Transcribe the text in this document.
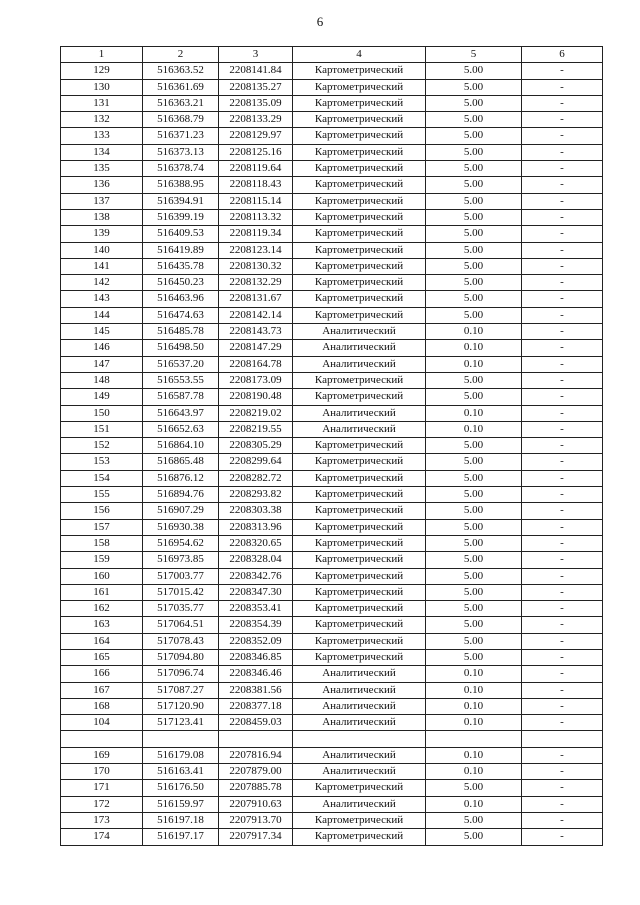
6
1	2	3	4	5	6
129	516363.52	2208141.84	Картометрический	5.00	-
130	516361.69	2208135.27	Картометрический	5.00	-
131	516363.21	2208135.09	Картометрический	5.00	-
132	516368.79	2208133.29	Картометрический	5.00	-
133	516371.23	2208129.97	Картометрический	5.00	-
134	516373.13	2208125.16	Картометрический	5.00	-
135	516378.74	2208119.64	Картометрический	5.00	-
136	516388.95	2208118.43	Картометрический	5.00	-
137	516394.91	2208115.14	Картометрический	5.00	-
138	516399.19	2208113.32	Картометрический	5.00	-
139	516409.53	2208119.34	Картометрический	5.00	-
140	516419.89	2208123.14	Картометрический	5.00	-
141	516435.78	2208130.32	Картометрический	5.00	-
142	516450.23	2208132.29	Картометрический	5.00	-
143	516463.96	2208131.67	Картометрический	5.00	-
144	516474.63	2208142.14	Картометрический	5.00	-
145	516485.78	2208143.73	Аналитический	0.10	-
146	516498.50	2208147.29	Аналитический	0.10	-
147	516537.20	2208164.78	Аналитический	0.10	-
148	516553.55	2208173.09	Картометрический	5.00	-
149	516587.78	2208190.48	Картометрический	5.00	-
150	516643.97	2208219.02	Аналитический	0.10	-
151	516652.63	2208219.55	Аналитический	0.10	-
152	516864.10	2208305.29	Картометрический	5.00	-
153	516865.48	2208299.64	Картометрический	5.00	-
154	516876.12	2208282.72	Картометрический	5.00	-
155	516894.76	2208293.82	Картометрический	5.00	-
156	516907.29	2208303.38	Картометрический	5.00	-
157	516930.38	2208313.96	Картометрический	5.00	-
158	516954.62	2208320.65	Картометрический	5.00	-
159	516973.85	2208328.04	Картометрический	5.00	-
160	517003.77	2208342.76	Картометрический	5.00	-
161	517015.42	2208347.30	Картометрический	5.00	-
162	517035.77	2208353.41	Картометрический	5.00	-
163	517064.51	2208354.39	Картометрический	5.00	-
164	517078.43	2208352.09	Картометрический	5.00	-
165	517094.80	2208346.85	Картометрический	5.00	-
166	517096.74	2208346.46	Аналитический	0.10	-
167	517087.27	2208381.56	Аналитический	0.10	-
168	517120.90	2208377.18	Аналитический	0.10	-
104	517123.41	2208459.03	Аналитический	0.10	-

169	516179.08	2207816.94	Аналитический	0.10	-
170	516163.41	2207879.00	Аналитический	0.10	-
171	516176.50	2207885.78	Картометрический	5.00	-
172	516159.97	2207910.63	Аналитический	0.10	-
173	516197.18	2207913.70	Картометрический	5.00	-
174	516197.17	2207917.34	Картометрический	5.00	-
